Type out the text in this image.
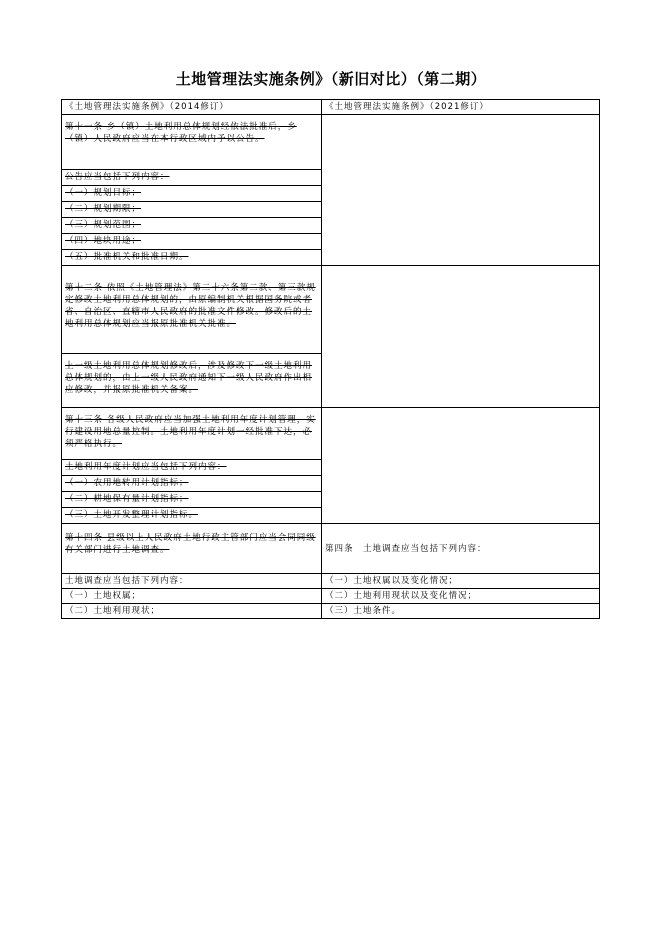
土地管理法实施条例》（新旧对比）（第二期）
《土地管理法实施条例》（2014修订）	《土地管理法实施条例》（2021修订）
第十一条 乡（镇）土地利用总体规划经依法批准后，乡（镇）人民政府应当在本行政区域内予以公告。	
公告应当包括下列内容：	
（一）规划目标；	
（二）规划期限；	
（三）规划范围；	
（四）地块用途；	
（五）批准机关和批准日期。	
第十二条 依照《土地管理法》第二十六条第二款、第三款规定修改土地利用总体规划的，由原编制机关根据国务院或者省、自治区、直辖市人民政府的批准文件修改。修改后的土地利用总体规划应当报原批准机关批准。	
上一级土地利用总体规划修改后，涉及修改下一级土地利用总体规划的，由上一级人民政府通知下一级人民政府作出相应修改，并报原批准机关备案。	
第十三条 各级人民政府应当加强土地利用年度计划管理，实行建设用地总量控制。土地利用年度计划一经批准下达，必须严格执行。	
土地利用年度计划应当包括下列内容：	
（一）农用地转用计划指标；	
（二）耕地保有量计划指标；	
（三）土地开发整理计划指标。	
第十四条 县级以上人民政府土地行政主管部门应当会同同级有关部门进行土地调查。	第四条　土地调查应当包括下列内容：
土地调查应当包括下列内容：	（一）土地权属以及变化情况；
（一）土地权属；	（二）土地利用现状以及变化情况；
（二）土地利用现状；	（三）土地条件。
